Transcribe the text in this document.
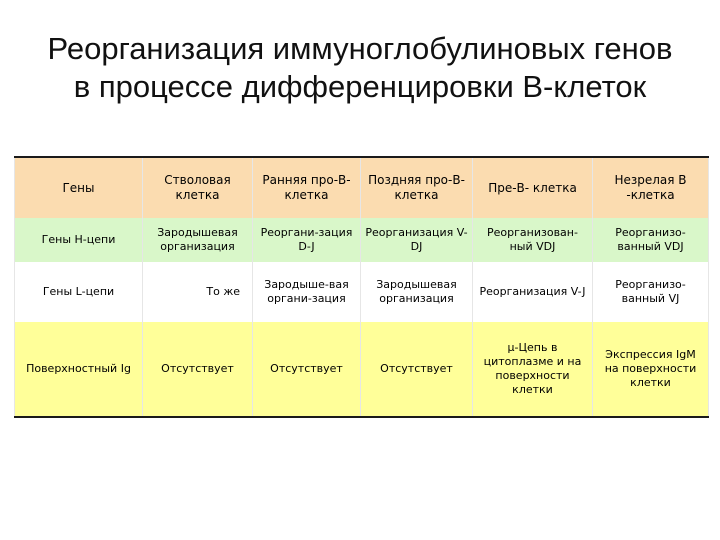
Реорганизация иммуноглобулиновых генов
в процессе дифференцировки В-клеток
Гены	Стволовая клетка	Ранняя про-В-клетка	Поздняя про-В-клетка	Пре-В- клетка	Незрелая В -клетка
Гены Н-цепи	Зародышевая организация	Реоргани-зация D-J	Реорганизация V-DJ	Реорганизован-ный VDJ	Реорганизо-ванный VDJ
Гены L-цепи	То же	Зародыше-вая органи-зация	Зародышевая организация	Реорганизация V-J	Реорганизо-ванный VJ
Поверхностный Ig	Отсутствует	Отсутствует	Отсутствует	µ-Цепь в цитоплазме и на поверхности клетки	Экспрессия IgM на поверхности клетки
